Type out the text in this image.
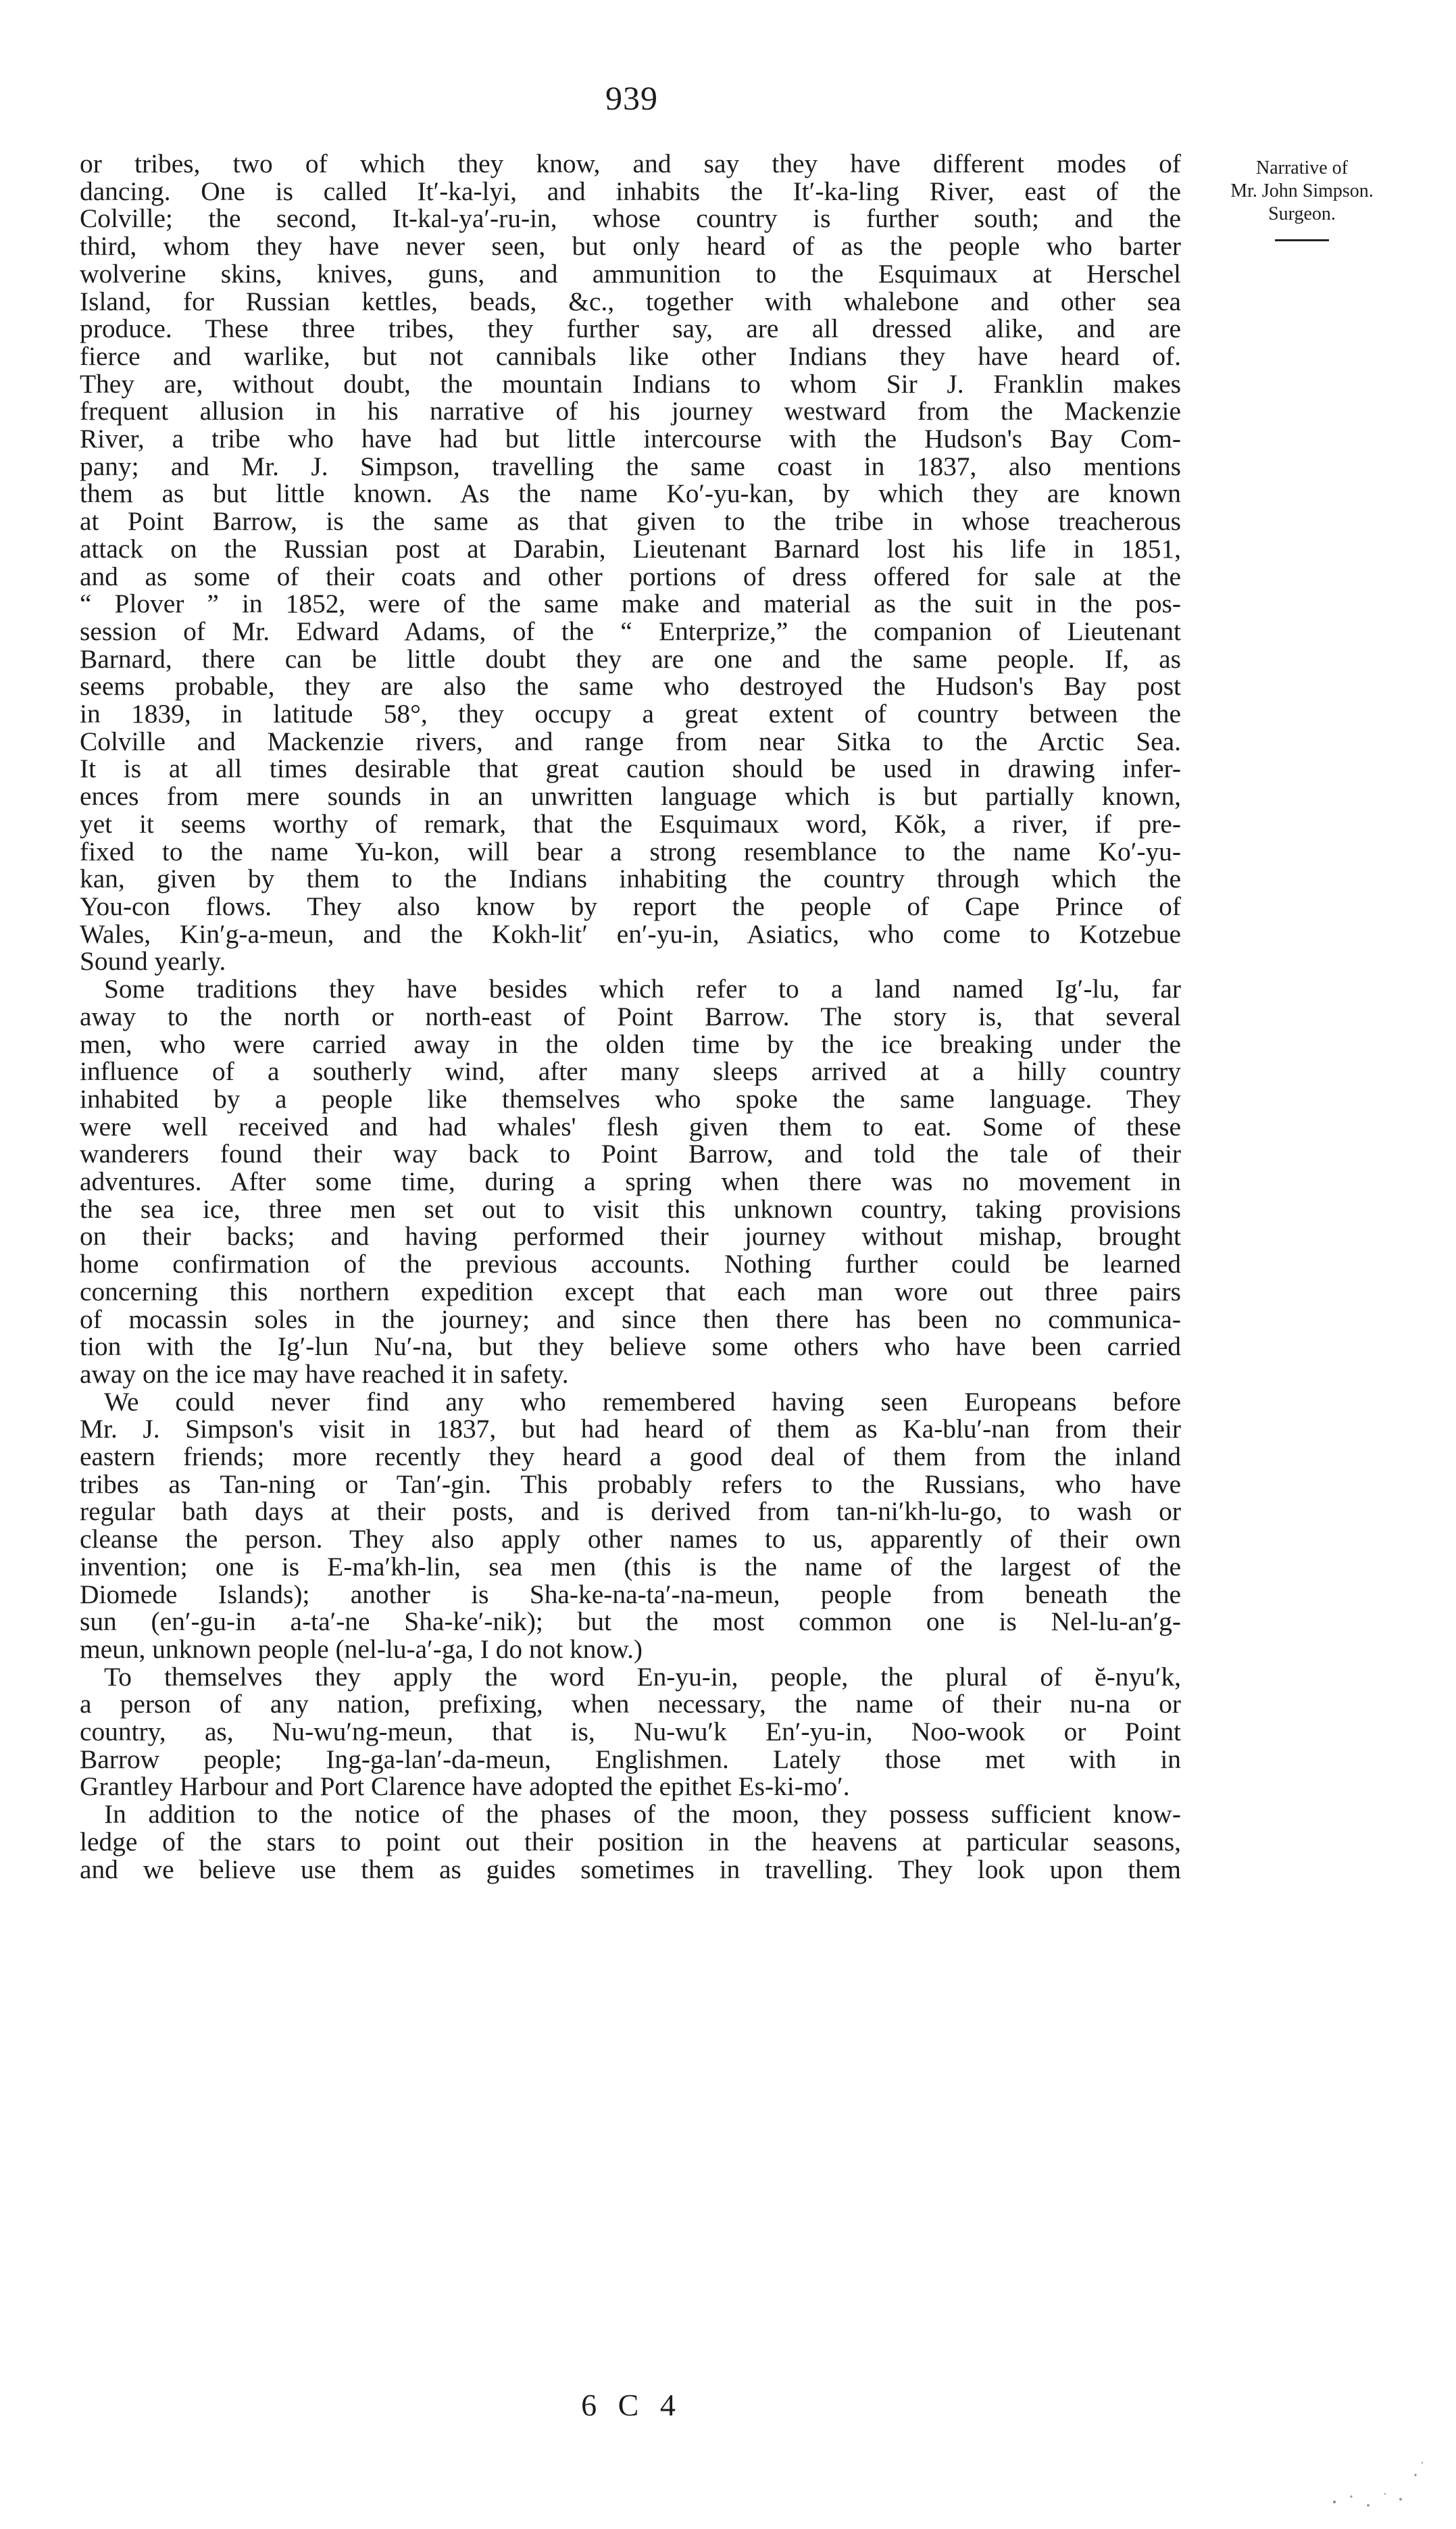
939
or tribes, two of which they know, and say they have different modes of
dancing. One is called It′-ka-lyi, and inhabits the It′-ka-ling River, east of the
Colville; the second, It-kal-ya′-ru-in, whose country is further south; and the
third, whom they have never seen, but only heard of as the people who barter
wolverine skins, knives, guns, and ammunition to the Esquimaux at Herschel
Island, for Russian kettles, beads, &c., together with whalebone and other sea
produce. These three tribes, they further say, are all dressed alike, and are
fierce and warlike, but not cannibals like other Indians they have heard of.
They are, without doubt, the mountain Indians to whom Sir J. Franklin makes
frequent allusion in his narrative of his journey westward from the Mackenzie
River, a tribe who have had but little intercourse with the Hudson's Bay Com-
pany; and Mr. J. Simpson, travelling the same coast in 1837, also mentions
them as but little known. As the name Ko′-yu-kan, by which they are known
at Point Barrow, is the same as that given to the tribe in whose treacherous
attack on the Russian post at Darabin, Lieutenant Barnard lost his life in 1851,
and as some of their coats and other portions of dress offered for sale at the
“ Plover ” in 1852, were of the same make and material as the suit in the pos-
session of Mr. Edward Adams, of the “ Enterprize,” the companion of Lieutenant
Barnard, there can be little doubt they are one and the same people. If, as
seems probable, they are also the same who destroyed the Hudson's Bay post
in 1839, in latitude 58°, they occupy a great extent of country between the
Colville and Mackenzie rivers, and range from near Sitka to the Arctic Sea.
It is at all times desirable that great caution should be used in drawing infer-
ences from mere sounds in an unwritten language which is but partially known,
yet it seems worthy of remark, that the Esquimaux word, Kŏk, a river, if pre-
fixed to the name Yu-kon, will bear a strong resemblance to the name Ko′-yu-
kan, given by them to the Indians inhabiting the country through which the
You-con flows. They also know by report the people of Cape Prince of
Wales, Kin′g-a-meun, and the Kokh-lit′ en′-yu-in, Asiatics, who come to Kotzebue
Sound yearly.
Some traditions they have besides which refer to a land named Ig′-lu, far
away to the north or north-east of Point Barrow. The story is, that several
men, who were carried away in the olden time by the ice breaking under the
influence of a southerly wind, after many sleeps arrived at a hilly country
inhabited by a people like themselves who spoke the same language. They
were well received and had whales' flesh given them to eat. Some of these
wanderers found their way back to Point Barrow, and told the tale of their
adventures. After some time, during a spring when there was no movement in
the sea ice, three men set out to visit this unknown country, taking provisions
on their backs; and having performed their journey without mishap, brought
home confirmation of the previous accounts. Nothing further could be learned
concerning this northern expedition except that each man wore out three pairs
of mocassin soles in the journey; and since then there has been no communica-
tion with the Ig′-lun Nu′-na, but they believe some others who have been carried
away on the ice may have reached it in safety.
We could never find any who remembered having seen Europeans before
Mr. J. Simpson's visit in 1837, but had heard of them as Ka-blu′-nan from their
eastern friends; more recently they heard a good deal of them from the inland
tribes as Tan-ning or Tan′-gin. This probably refers to the Russians, who have
regular bath days at their posts, and is derived from tan-ni′kh-lu-go, to wash or
cleanse the person. They also apply other names to us, apparently of their own
invention; one is E-ma′kh-lin, sea men (this is the name of the largest of the
Diomede Islands); another is Sha-ke-na-ta′-na-meun, people from beneath the
sun (en′-gu-in a-ta′-ne Sha-ke′-nik); but the most common one is Nel-lu-an′g-
meun, unknown people (nel-lu-a′-ga, I do not know.)
To themselves they apply the word En-yu-in, people, the plural of ĕ-nyu′k,
a person of any nation, prefixing, when necessary, the name of their nu-na or
country, as, Nu-wu′ng-meun, that is, Nu-wu′k En′-yu-in, Noo-wook or Point
Barrow people; Ing-ga-lan′-da-meun, Englishmen. Lately those met with in
Grantley Harbour and Port Clarence have adopted the epithet Es-ki-mo′.
In addition to the notice of the phases of the moon, they possess sufficient know-
ledge of the stars to point out their position in the heavens at particular seasons,
and we believe use them as guides sometimes in travelling. They look upon them
Narrative of
Mr. John Simpson.
Surgeon.
6 C 4
